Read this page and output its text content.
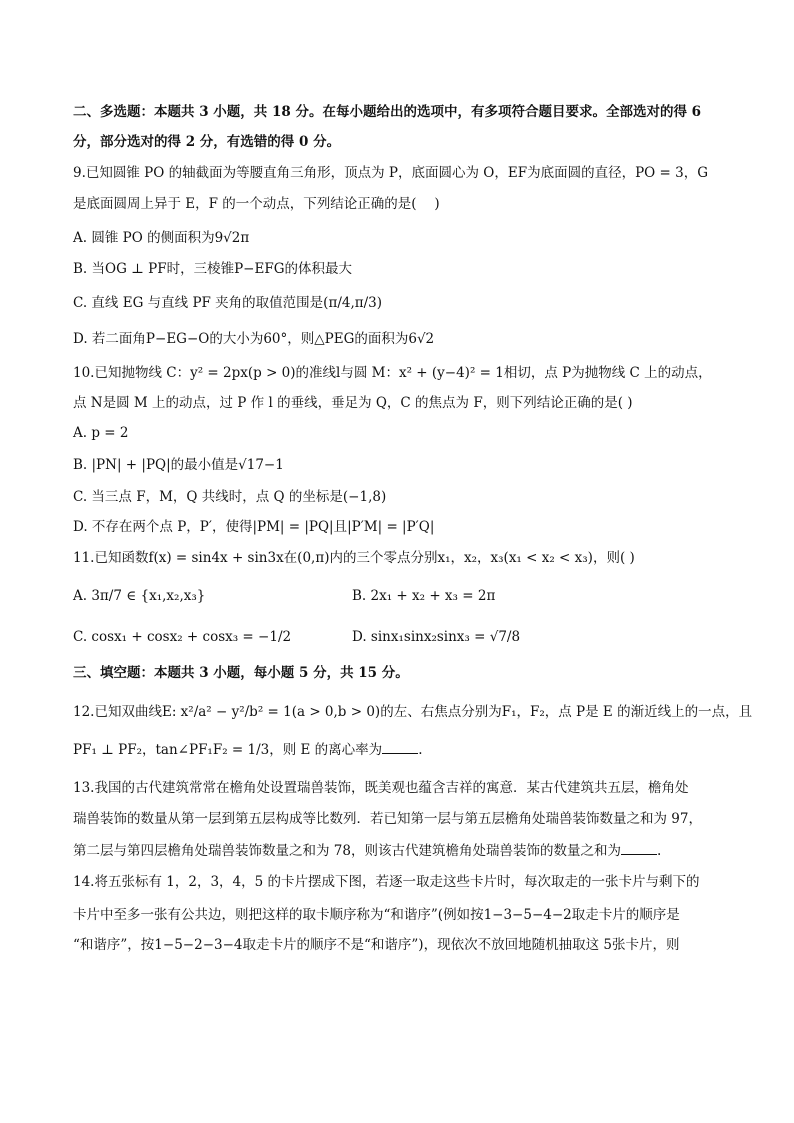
二、多选题：本题共 3 小题，共 18 分。在每小题给出的选项中，有多项符合题目要求。全部选对的得 6
分，部分选对的得 2 分，有选错的得 0 分。
9.已知圆锥 PO 的轴截面为等腰直角三角形，顶点为 P，底面圆心为 O，EF为底面圆的直径，PO = 3，G
是底面圆周上异于 E，F 的一个动点，下列结论正确的是(　 )
A. 圆锥 PO 的侧面积为9√2π
B. 当OG ⊥ PF时，三棱锥P−EFG的体积最大
C. 直线 EG 与直线 PF 夹角的取值范围是(π/4,π/3)
D. 若二面角P−EG−O的大小为60°，则△PEG的面积为6√2
10.已知抛物线 C：y² = 2px(p > 0)的准线l与圆 M：x² + (y−4)² = 1相切，点 P为抛物线 C 上的动点，
点 N是圆 M 上的动点，过 P 作 l 的垂线，垂足为 Q，C 的焦点为 F，则下列结论正确的是( )
A. p = 2
B. |PN| + |PQ|的最小值是√17−1
C. 当三点 F，M，Q 共线时，点 Q 的坐标是(−1,8)
D. 不存在两个点 P，P′，使得|PM| = |PQ|且|P′M| = |P′Q|
11.已知函数f(x) = sin4x + sin3x在(0,π)内的三个零点分别x₁，x₂，x₃(x₁ < x₂ < x₃)，则( )
A. 3π/7 ∈ {x₁,x₂,x₃}	B. 2x₁ + x₂ + x₃ = 2π
C. cosx₁ + cosx₂ + cosx₃ = −1/2	D. sinx₁sinx₂sinx₃ = √7/8
三、填空题：本题共 3 小题，每小题 5 分，共 15 分。
12.已知双曲线E: x²/a² − y²/b² = 1(a > 0,b > 0)的左、右焦点分别为F₁，F₂，点 P是 E 的渐近线上的一点，且
PF₁ ⊥ PF₂，tan∠PF₁F₂ = 1/3，则 E 的离心率为	.
13.我国的古代建筑常常在檐角处设置瑞兽装饰，既美观也蕴含吉祥的寓意．某古代建筑共五层，檐角处
瑞兽装饰的数量从第一层到第五层构成等比数列．若已知第一层与第五层檐角处瑞兽装饰数量之和为 97，
第二层与第四层檐角处瑞兽装饰数量之和为 78，则该古代建筑檐角处瑞兽装饰的数量之和为	.
14.将五张标有 1，2，3，4，5 的卡片摆成下图，若逐一取走这些卡片时，每次取走的一张卡片与剩下的
卡片中至多一张有公共边，则把这样的取卡顺序称为“和谐序”(例如按1−3−5−4−2取走卡片的顺序是
“和谐序”，按1−5−2−3−4取走卡片的顺序不是“和谐序”)，现依次不放回地随机抽取这 5张卡片，则
